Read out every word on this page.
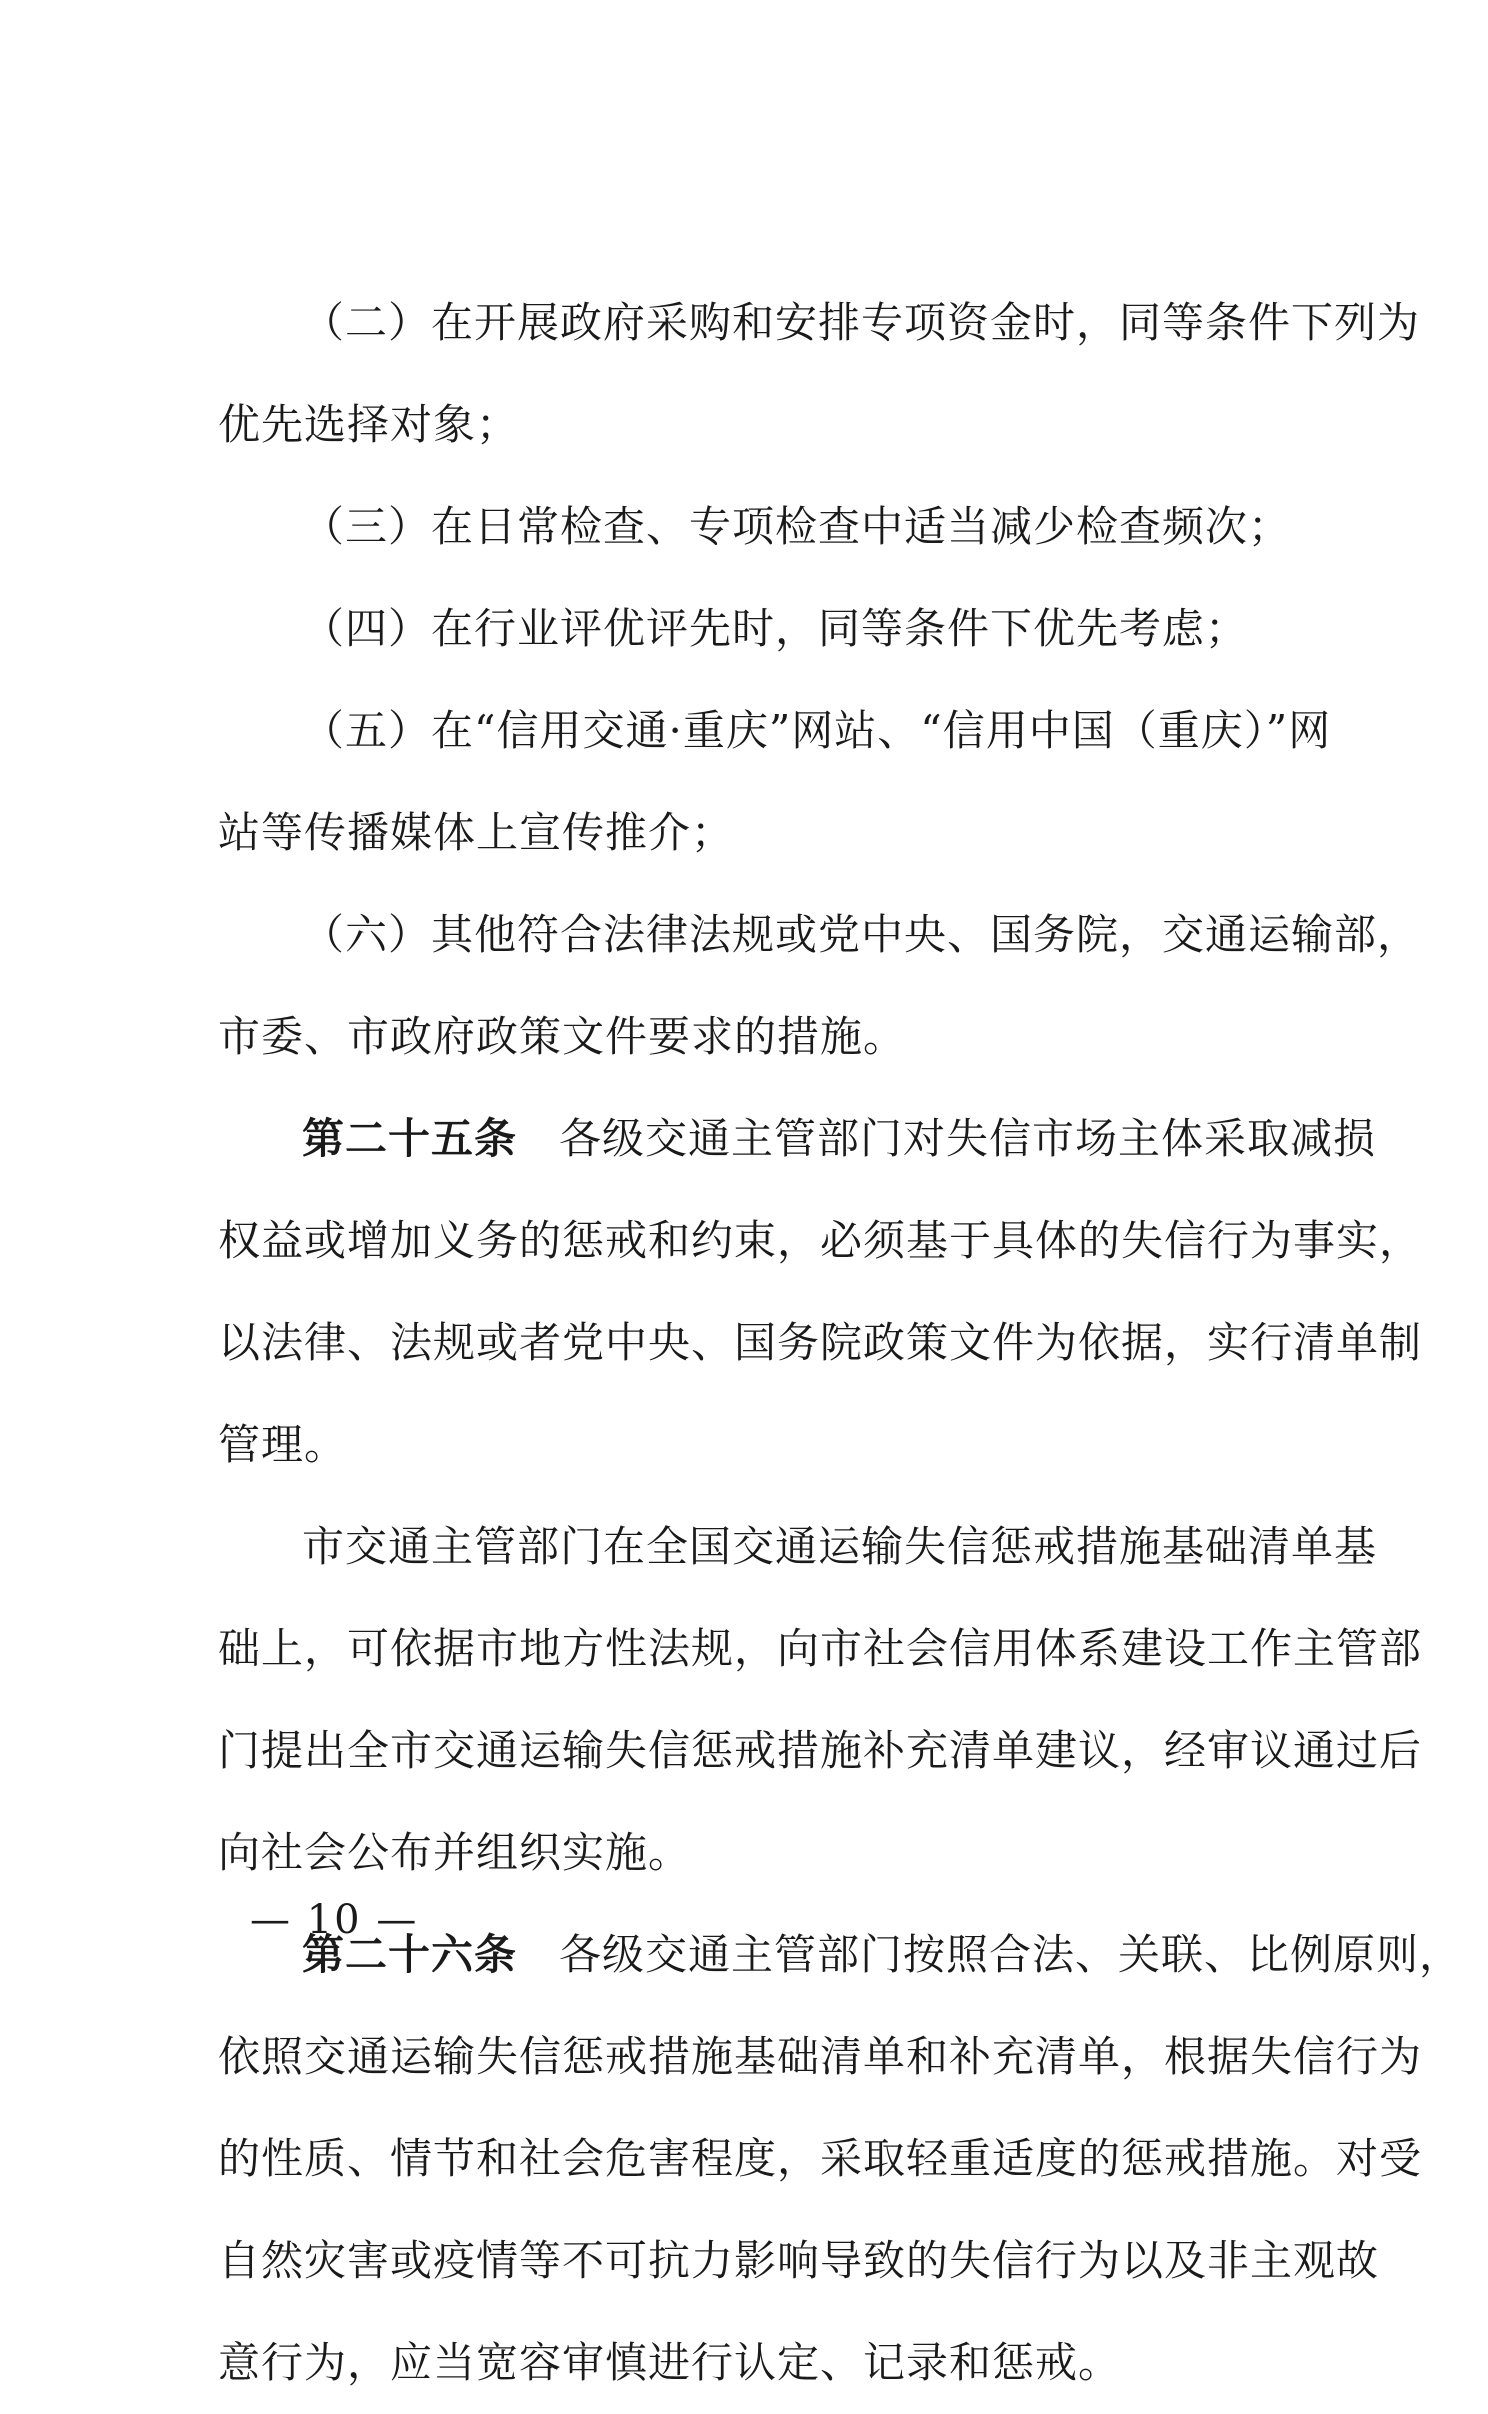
（二）在开展政府采购和安排专项资金时，同等条件下列为
优先选择对象；
（三）在日常检查、专项检查中适当减少检查频次；
（四）在行业评优评先时，同等条件下优先考虑；
（五）在“信用交通·重庆”网站、“信用中国（重庆）”网
站等传播媒体上宣传推介；
（六）其他符合法律法规或党中央、国务院，交通运输部，
市委、市政府政策文件要求的措施。
第二十五条 各级交通主管部门对失信市场主体采取减损
权益或增加义务的惩戒和约束，必须基于具体的失信行为事实，
以法律、法规或者党中央、国务院政策文件为依据，实行清单制
管理。
市交通主管部门在全国交通运输失信惩戒措施基础清单基
础上，可依据市地方性法规，向市社会信用体系建设工作主管部
门提出全市交通运输失信惩戒措施补充清单建议，经审议通过后
向社会公布并组织实施。
第二十六条 各级交通主管部门按照合法、关联、比例原则，
依照交通运输失信惩戒措施基础清单和补充清单，根据失信行为
的性质、情节和社会危害程度，采取轻重适度的惩戒措施。对受
自然灾害或疫情等不可抗力影响导致的失信行为以及非主观故
意行为，应当宽容审慎进行认定、记录和惩戒。
— 10 —
